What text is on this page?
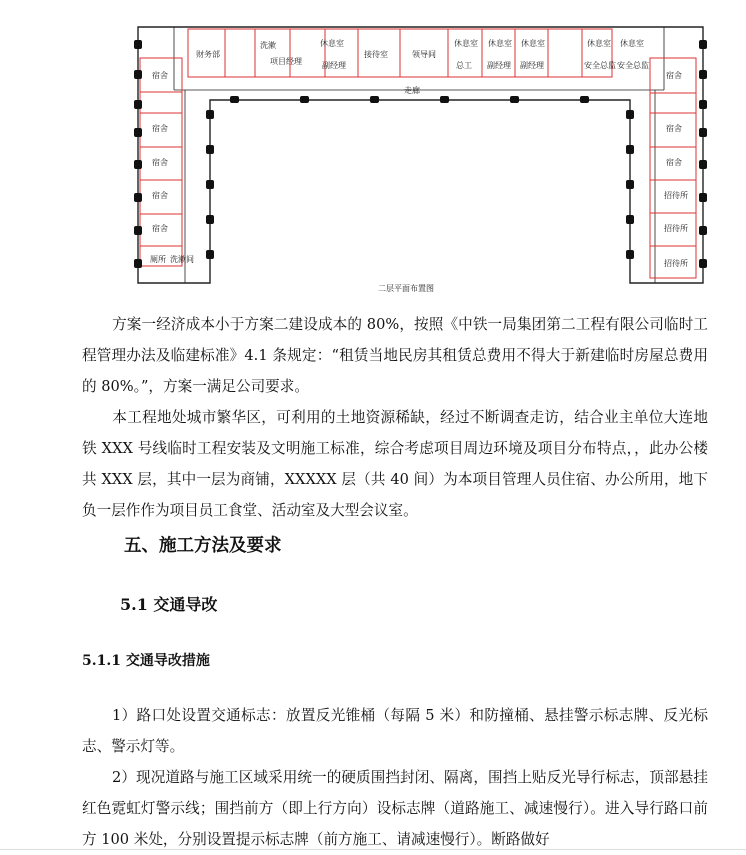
财务部
洗漱
项目经理
休息室
副经理
接待室	领导间
休息室
总工
休息室
副经理
休息室
副经理
休息室
安全总监
休息室
安全总监
走廊
宿舍
宿舍
宿舍
宿舍
宿舍
厕所 洗漱间
宿舍
宿舍
宿舍
招待所
招待所
招待所
二层平面布置图

方案一经济成本小于方案二建设成本的 80%，按照《中铁一局集团第二工程有限公司临时工程管理办法及临建标准》4.1 条规定：“租赁当地民房其租赁总费用不得大于新建临时房屋总费用的 80%。”，方案一满足公司要求。

本工程地处城市繁华区，可利用的土地资源稀缺，经过不断调查走访，结合业主单位大连地铁 XXX 号线临时工程安装及文明施工标准，综合考虑项目周边环境及项目分布特点，，此办公楼共 XXX 层，其中一层为商铺，XXXXX 层（共 40 间）为本项目管理人员住宿、办公所用，地下负一层作作为项目员工食堂、活动室及大型会议室。

五、施工方法及要求
5.1 交通导改
5.1.1 交通导改措施

1）路口处设置交通标志：放置反光锥桶（每隔 5 米）和防撞桶、悬挂警示标志牌、反光标志、警示灯等。

2）现况道路与施工区域采用统一的硬质围挡封闭、隔离，围挡上贴反光导行标志，顶部悬挂红色霓虹灯警示线；围挡前方（即上行方向）设标志牌（道路施工、减速慢行）。进入导行路口前方 100 米处，分别设置提示标志牌（前方施工、请减速慢行）。断路做好
